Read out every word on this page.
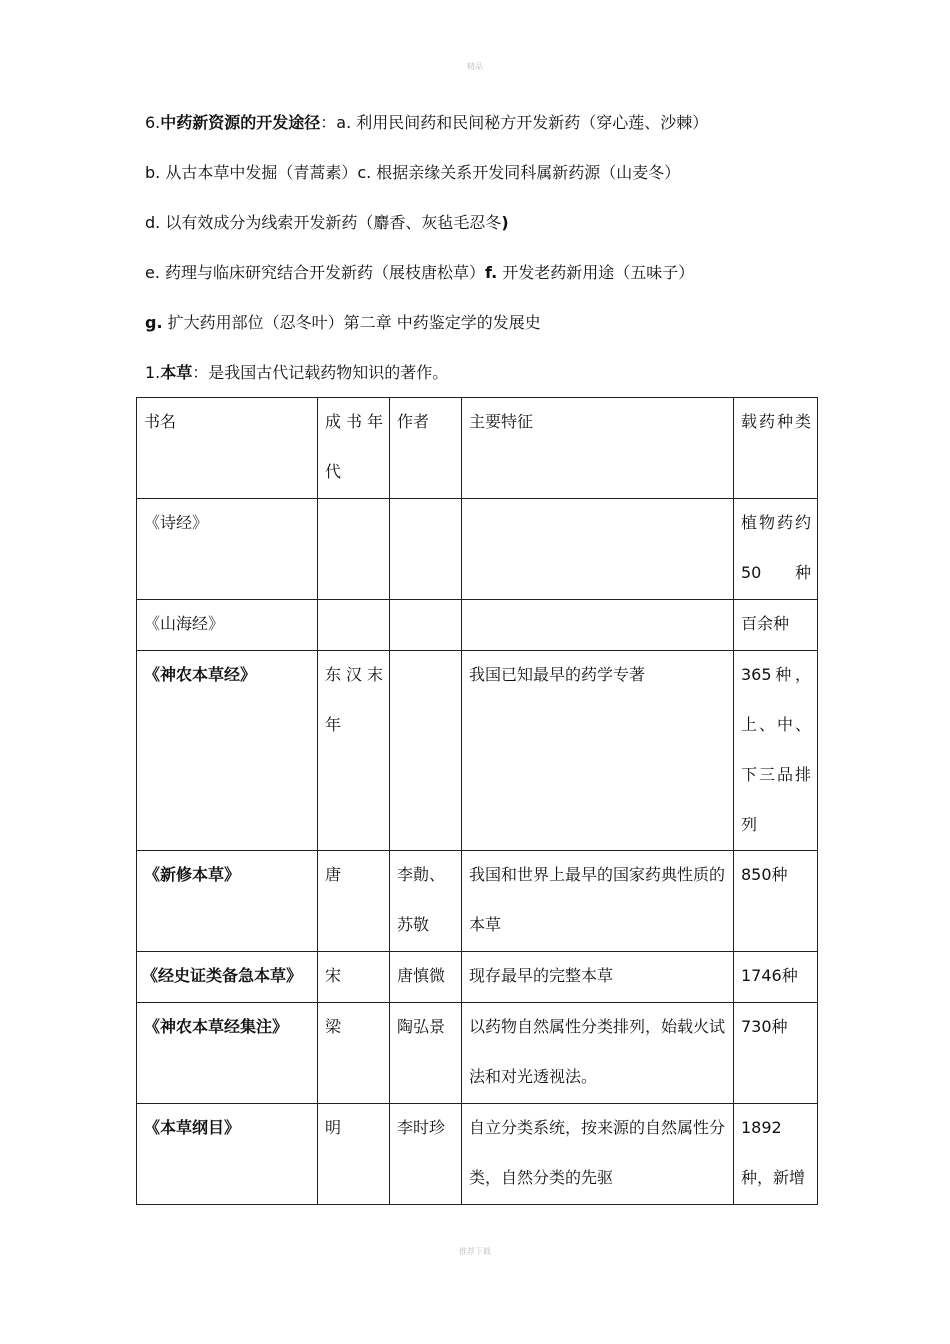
精品
6.中药新资源的开发途径：a. 利用民间药和民间秘方开发新药（穿心莲、沙棘）
b. 从古本草中发掘（青蒿素）c. 根据亲缘关系开发同科属新药源（山麦冬）
d. 以有效成分为线索开发新药（麝香、灰毡毛忍冬)
e. 药理与临床研究结合开发新药（展枝唐松草）f. 开发老药新用途（五味子）
g. 扩大药用部位（忍冬叶）第二章 中药鉴定学的发展史
1.本草：是我国古代记载药物知识的著作。
书名	成书年代	作者	主要特征	载药种类

《诗经》				植物药约50种

《山海经》				百余种

《神农本草经》	东汉末年		我国已知最早的药学专著	365种，上、中、下三品排列

《新修本草》	唐	李勣、苏敬	我国和世界上最早的国家药典性质的本草	850种

《经史证类备急本草》	宋	唐慎微	现存最早的完整本草	1746种

《神农本草经集注》	梁	陶弘景	以药物自然属性分类排列，始载火试法和对光透视法。	730种

《本草纲目》	明	李时珍	自立分类系统，按来源的自然属性分类，自然分类的先驱	1892种，新增
推荐下载
